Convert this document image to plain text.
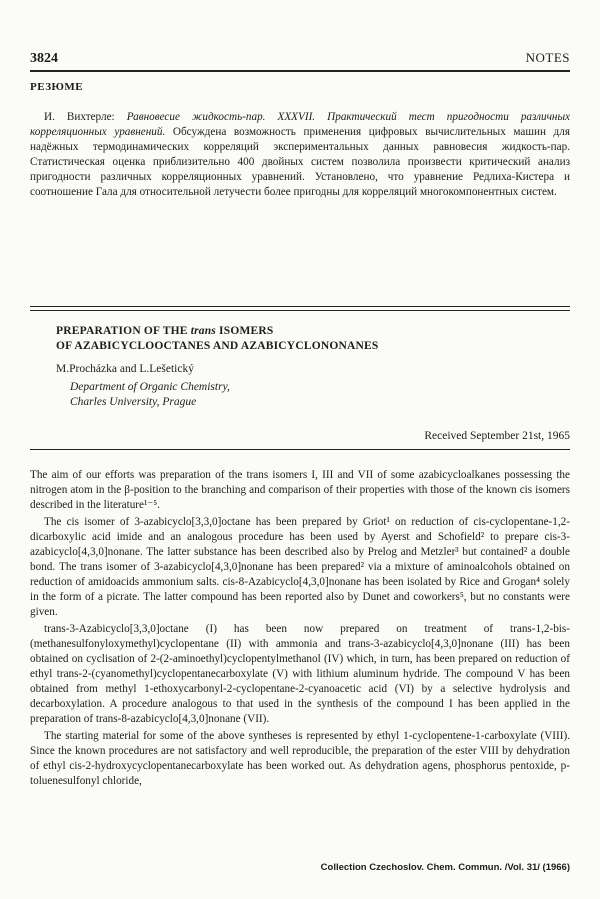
3824	NOTES
РЕЗЮМЕ

И. Вихтерле: Равновесие жидкость-пар. XXXVII. Практический тест пригодности различных корреляционных уравнений. Обсуждена возможность применения цифровых вычислительных машин для надёжных термодинамических корреляций экспериментальных данных равновесия жидкость-пар. Статистическая оценка приблизительно 400 двойных систем позволила произвести критический анализ пригодности различных корреляционных уравнений. Установлено, что уравнение Редлиха-Кистера и соотношение Гала для относительной летучести более пригодны для корреляций многокомпонентных систем.

PREPARATION OF THE trans ISOMERS
OF AZABICYCLOOCTANES AND AZABICYCLONONANES
M.Procházka and L.Lešetický
Department of Organic Chemistry,
Charles University, Prague
Received September 21st, 1965

The aim of our efforts was preparation of the trans isomers I, III and VII of some azabicycloalkanes possessing the nitrogen atom in the β-position to the branching and comparison of their properties with those of the known cis isomers described in the literature¹⁻⁵.

The cis isomer of 3-azabicyclo[3,3,0]octane has been prepared by Griot¹ on reduction of cis-cyclopentane-1,2-dicarboxylic acid imide and an analogous procedure has been used by Ayerst and Schofield² to prepare cis-3-azabicyclo[4,3,0]nonane. The latter substance has been described also by Prelog and Metzler³ but contained² a double bond. The trans isomer of 3-azabicyclo[4,3,0]nonane has been prepared² via a mixture of aminoalcohols obtained on reduction of amidoacids ammonium salts. cis-8-Azabicyclo[4,3,0]nonane has been isolated by Rice and Grogan⁴ solely in the form of a picrate. The latter compound has been reported also by Dunet and coworkers⁵, but no constants were given.

trans-3-Azabicyclo[3,3,0]octane (I) has been now prepared on treatment of trans-1,2-bis-(methanesulfonyloxymethyl)cyclopentane (II) with ammonia and trans-3-azabicyclo[4,3,0]nonane (III) has been obtained on cyclisation of 2-(2-aminoethyl)cyclopentylmethanol (IV) which, in turn, has been prepared on reduction of ethyl trans-2-(cyanomethyl)cyclopentanecarboxylate (V) with lithium aluminum hydride. The compound V has been obtained from methyl 1-ethoxycarbonyl-2-cyclopentane-2-cyanoacetic acid (VI) by a selective hydrolysis and decarboxylation. A procedure analogous to that used in the synthesis of the compound I has been applied in the preparation of trans-8-azabicyclo[4,3,0]nonane (VII).

The starting material for some of the above syntheses is represented by ethyl 1-cyclopentene-1-carboxylate (VIII). Since the known procedures are not satisfactory and well reproducible, the preparation of the ester VIII by dehydration of ethyl cis-2-hydroxycyclopentanecarboxylate has been worked out. As dehydration agens, phosphorus pentoxide, p-toluenesulfonyl chloride,

Collection Czechoslov. Chem. Commun. /Vol. 31/ (1966)
